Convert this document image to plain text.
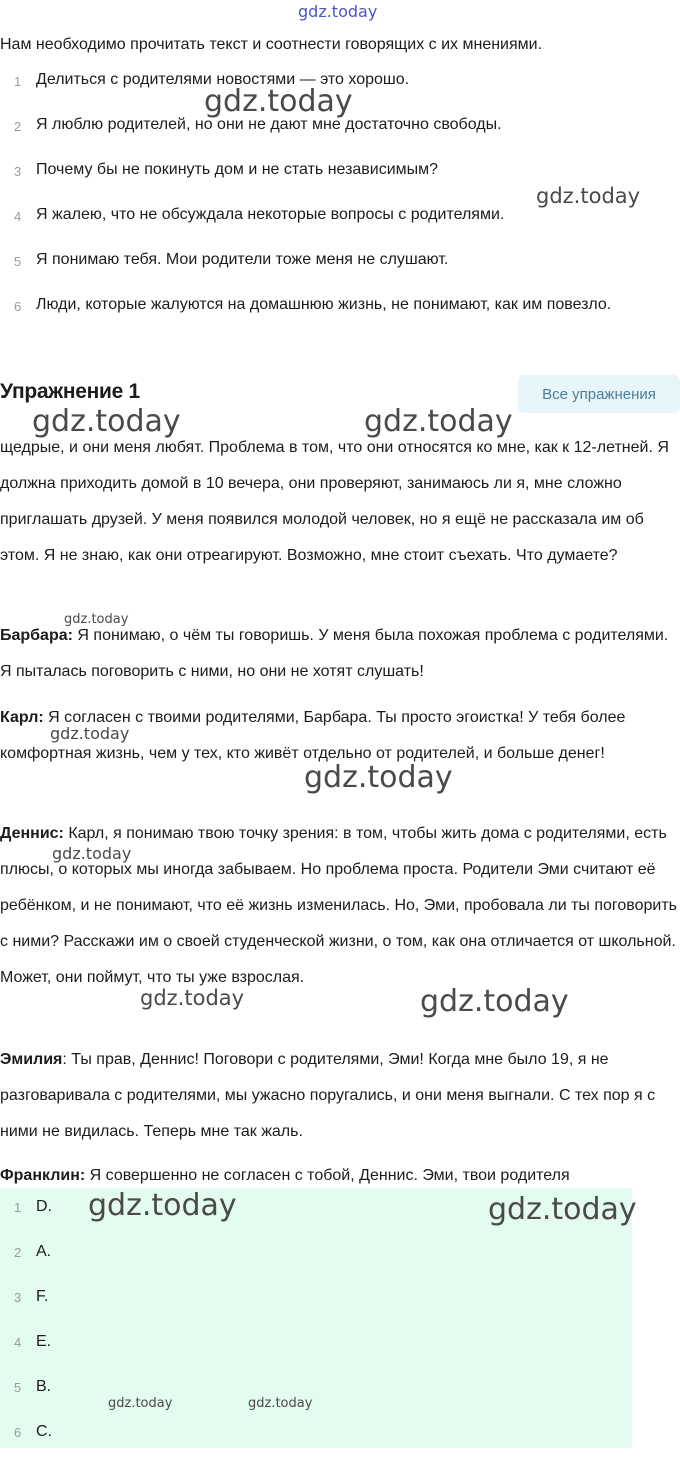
gdz.today
gdz.today
gdz.today
gdz.today	gdz.today
gdz.today
gdz.today
gdz.today
gdz.today
gdz.today	gdz.today
Нам необходимо прочитать текст и соотнести говорящих с их мнениями.
1 Делиться с родителями новостями — это хорошо.
2 Я люблю родителей, но они не дают мне достаточно свободы.
3 Почему бы не покинуть дом и не стать независимым?
4 Я жалею, что не обсуждала некоторые вопросы с родителями.
5 Я понимаю тебя. Мои родители тоже меня не слушают.
6 Люди, которые жалуются на домашнюю жизнь, не понимают, как им повезло.
Упражнение 1	Все упражнения
щедрые, и они меня любят. Проблема в том, что они относятся ко мне, как к 12-летней. Я должна приходить домой в 10 вечера, они проверяют, занимаюсь ли я, мне сложно приглашать друзей. У меня появился молодой человек, но я ещё не рассказала им об этом. Я не знаю, как они отреагируют. Возможно, мне стоит съехать. Что думаете?
Барбара: Я понимаю, о чём ты говоришь. У меня была похожая проблема с родителями. Я пыталась поговорить с ними, но они не хотят слушать!
Карл: Я согласен с твоими родителями, Барбара. Ты просто эгоистка! У тебя более комфортная жизнь, чем у тех, кто живёт отдельно от родителей, и больше денег!
Деннис: Карл, я понимаю твою точку зрения: в том, чтобы жить дома с родителями, есть плюсы, о которых мы иногда забываем. Но проблема проста. Родители Эми считают её ребёнком, и не понимают, что её жизнь изменилась. Но, Эми, пробовала ли ты поговорить с ними? Расскажи им о своей студенческой жизни, о том, как она отличается от школьной. Может, они поймут, что ты уже взрослая.
Эмилия: Ты прав, Деннис! Поговори с родителями, Эми! Когда мне было 19, я не разговаривала с родителями, мы ужасно поругались, и они меня выгнали. С тех пор я с ними не видилась. Теперь мне так жаль.
Франклин: Я совершенно не согласен с тобой, Деннис. Эми, твои родителя
1 D.
2 A.
3 F.
4 E.
5 B.
6 C.
gdz.today	gdz.today
gdz.today	gdz.today
